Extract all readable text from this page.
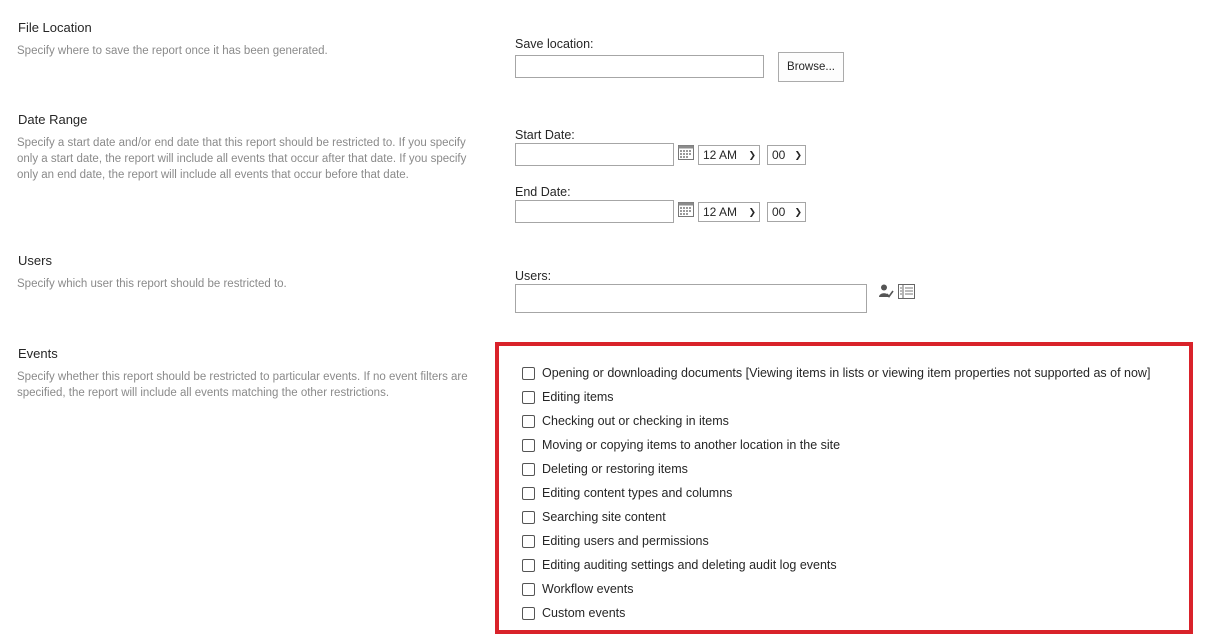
File Location
Specify where to save the report once it has been generated.	Save location:
Browse...
Date Range
Specify a start date and/or end date that this report should be restricted to. If you specify only a start date, the report will include all events that occur after that date. If you specify only an end date, the report will include all events that occur before that date.
Start Date:
12 AM ❯ 00 ❯
End Date:
12 AM ❯ 00 ❯
Users
Specify which user this report should be restricted to.
Users:
Events
Specify whether this report should be restricted to particular events. If no event filters are specified, the report will include all events matching the other restrictions.
Opening or downloading documents [Viewing items in lists or viewing item properties not supported as of now]
Editing items
Checking out or checking in items
Moving or copying items to another location in the site
Deleting or restoring items
Editing content types and columns
Searching site content
Editing users and permissions
Editing auditing settings and deleting audit log events
Workflow events
Custom events
